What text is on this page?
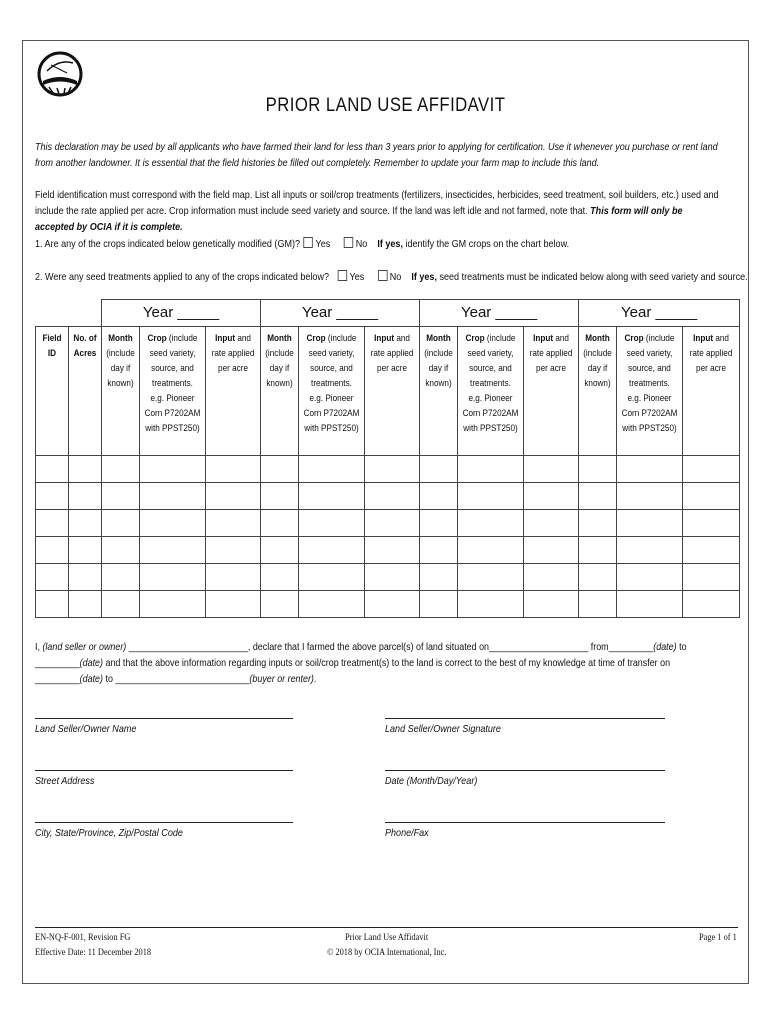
PRIOR LAND USE AFFIDAVIT
This declaration may be used by all applicants who have farmed their land for less than 3 years prior to applying for certification. Use it whenever you purchase or rent land from another landowner. It is essential that the field histories be filled out completely. Remember to update your farm map to include this land.
Field identification must correspond with the field map. List all inputs or soil/crop treatments (fertilizers, insecticides, herbicides, seed treatment, soil builders, etc.) used and include the rate applied per acre. Crop information must include seed variety and source. If the land was left idle and not farmed, note that. This form will only be accepted by OCIA if it is complete.
1. Are any of the crops indicated below genetically modified (GM)? Yes No If yes, identify the GM crops on the chart below.
2. Were any seed treatments applied to any of the crops indicated below? Yes No If yes, seed treatments must be indicated below along with seed variety and source.
		Year _____			Year _____			Year _____			Year _____		
Field ID	No. of Acres	Month (include day if known)	Crop (include seed variety, source, and treatments. e.g. Pioneer Corn P7202AM with PPST250)	Input and rate applied per acre	Month (include day if known)	Crop (include seed variety, source, and treatments. e.g. Pioneer Corn P7202AM with PPST250)	Input and rate applied per acre	Month (include day if known)	Crop (include seed variety, source, and treatments. e.g. Pioneer Corn P7202AM with PPST250)	Input and rate applied per acre	Month (include day if known)	Crop (include seed variety, source, and treatments. e.g. Pioneer Corn P7202AM with PPST250)	Input and rate applied per acre

I, (land seller or owner) ________________________, declare that I farmed the above parcel(s) of land situated on____________________ from_________(date) to _________(date) and that the above information regarding inputs or soil/crop treatment(s) to the land is correct to the best of my knowledge at time of transfer on _________(date) to ___________________________(buyer or renter).
Land Seller/Owner Name	Land Seller/Owner Signature
Street Address	Date (Month/Day/Year)
City, State/Province, Zip/Postal Code	Phone/Fax
EN-NQ-F-001, Revision FG
Effective Date: 11 December 2018
Prior Land Use Affidavit
© 2018 by OCIA International, Inc.
Page 1 of 1
